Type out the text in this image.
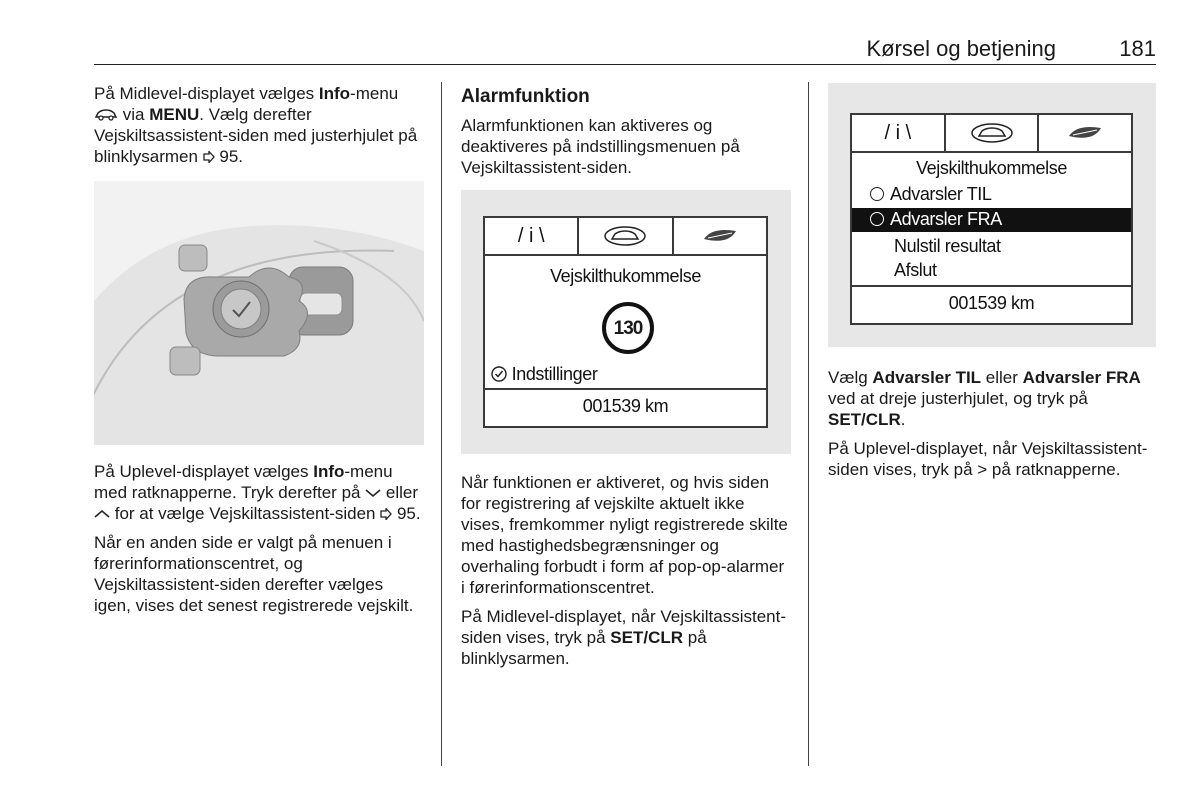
Kørsel og betjening	181

På Midlevel-displayet vælges Info-menu  via MENU. Vælg derefter Vejskiltsassistent-siden med justerhjulet på blinklysarmen  95.

På Uplevel-displayet vælges Info-menu med ratknapperne. Tryk derefter på  eller  for at vælge Vejskiltassistent-siden  95.

Når en anden side er valgt på menuen i førerinformationscentret, og Vejskiltassistent-siden derefter vælges igen, vises det senest registrerede vejskilt.

Alarmfunktion

Alarmfunktionen kan aktiveres og deaktiveres på indstillingsmenuen på Vejskiltassistent-siden.

/ i \
Vejskilthukommelse
130
Indstillinger
001539 km

Når funktionen er aktiveret, og hvis siden for registrering af vejskilte aktuelt ikke vises, fremkommer nyligt registrerede skilte med hastighedsbegrænsninger og overhaling forbudt i form af pop-op-alarmer i førerinformationscentret.

På Midlevel-displayet, når Vejskiltassistent-siden vises, tryk på SET/CLR på blinklysarmen.

/ i \
Vejskilthukommelse
Advarsler TIL
Advarsler FRA
Nulstil resultat
Afslut
001539 km

Vælg Advarsler TIL eller Advarsler FRA ved at dreje justerhjulet, og tryk på SET/CLR.

På Uplevel-displayet, når Vejskiltassistent-siden vises, tryk på > på ratknapperne.
